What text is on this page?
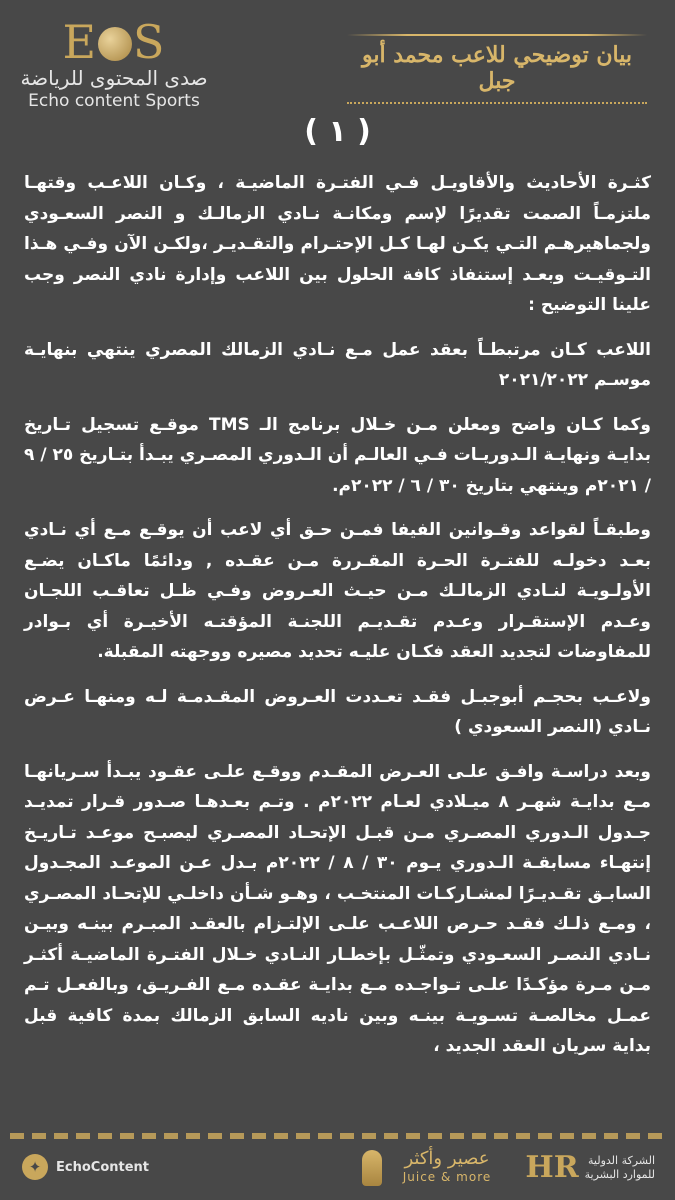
E S
صدى المحتوى للرياضة
Echo content Sports
بيان توضيحي للاعب محمد أبو جبل
( ١ )

كثـرة الأحاديث والأقاويـل فـي الفتـرة الماضيـة ، وكـان اللاعـب وقتهـا ملتزمـاً الصمت تقديرًا لإسم ومكانـة نـادي الزمالـك و النصر السعـودي ولجماهيرهـم التـي يكـن لهـا كـل الإحتـرام والتقـديـر ،ولكـن الآن وفـي هـذا التـوقيـت وبعـد إستنفاذ كافة الحلول بين اللاعب وإدارة نادي النصر وجب علينا التوضيح :

اللاعب كـان مرتبطـاً بعقد عمل مـع نـادي الزمالك المصري ينتهي بنهايـة موسـم ٢٠٢١/٢٠٢٢

وكما كـان واضح ومعلن مـن خـلال برنامج الـ TMS موقـع تسجيل تـاريخ بدايـة ونهايـة الـدوريـات فـي العالـم أن الـدوري المصـري يبـدأ بتـاريخ ٢٥ / ٩ / ٢٠٢١م وينتهي بتاريخ ٣٠ / ٦ / ٢٠٢٢م.

وطبقـاً لقواعد وقـوانين الفيفا فمـن حـق أي لاعب أن يوقـع مـع أي نـادي بعـد دخولـه للفتـرة الحـرة المقـررة مـن عقـده , ودائمًا ماكـان يضـع الأولـويـة لنـادي الزمالـك مـن حيـث العـروض وفـي ظـل تعاقـب اللجـان وعـدم الإستقـرار وعـدم تقـديـم اللجنـة المؤقتـه الأخيـرة أي بـوادر للمفاوضات لتجديد العقد فكـان عليـه تحديد مصيره ووجهته المقبلة.

ولاعـب بحجـم أبوجبـل فقـد تعـددت العـروض المقـدمـة لـه ومنهـا عـرض نـادي (النصر السعودي )

وبعد دراسـة وافـق علـى العـرض المقـدم ووقـع علـى عقـود يبـدأ سـريانهـا مـع بدايـة شهـر ٨ ميـلادي لعـام ٢٠٢٢م . وتـم بعـدهـا صـدور قـرار تمديـد جـدول الـدوري المصـري مـن قبـل الإتحـاد المصـري ليصبـح موعـد تـاريـخ إنتهـاء مسابقـة الـدوري يـوم ٣٠ / ٨ / ٢٠٢٢م بـدل عـن الموعـد المجـدول السابـق تقـديـرًا لمشـاركـات المنتخـب ، وهـو شـأن داخلـي للإتحـاد المصـري ، ومـع ذلـك فقـد حـرص اللاعـب علـى الإلتـزام بالعقـد المبـرم بينـه وبيـن نـادي النصـر السعـودي وتمثّـل بإخطـار النـادي خـلال الفتـرة الماضيـة أكثـر مـن مـرة مؤكـدًا علـى تـواجـده مـع بدايـة عقـده مـع الفـريـق، وبالفعـل تـم عمـل مخالصـة تسـويـة بينـه وبين ناديه السابق الزمالك بمدة كافية قبل بداية سريان العقد الجديد ،

✦	EchoContent	عصير وأكثر
Juice & more
الشركة الدولية
للموارد البشرية
HR
